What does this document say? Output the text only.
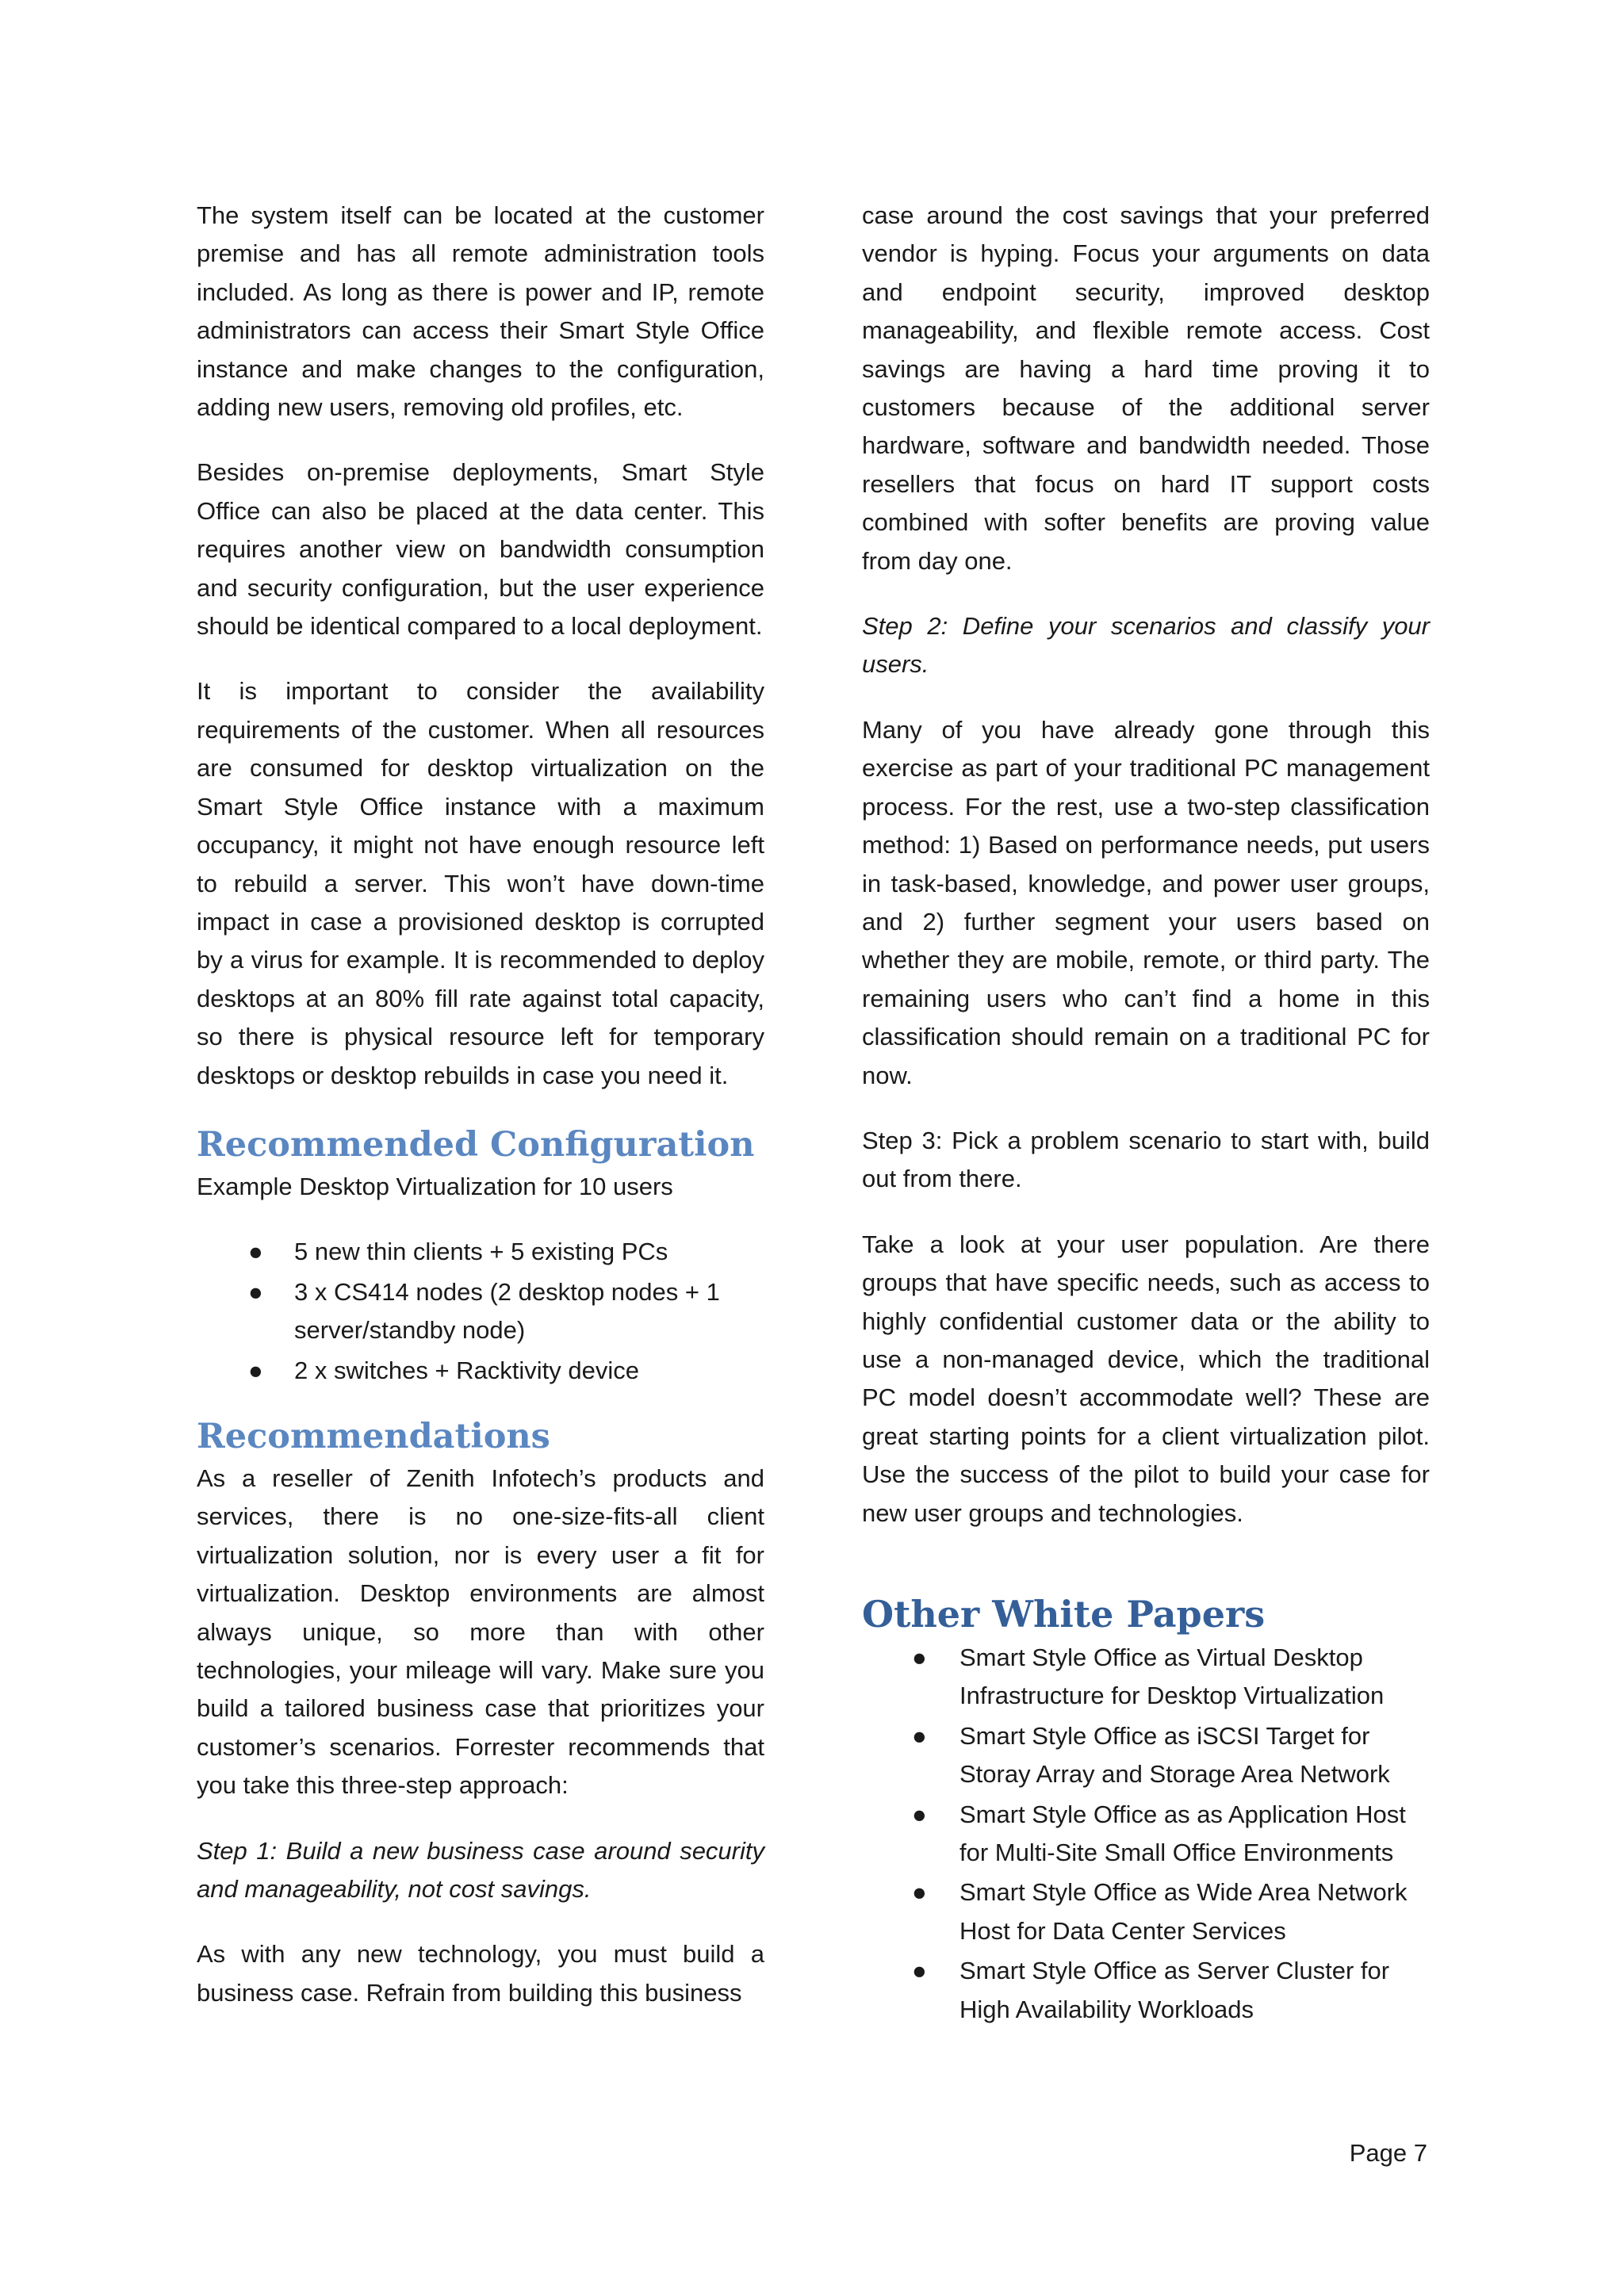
The system itself can be located at the customer premise and has all remote administration tools included. As long as there is power and IP, remote administrators can access their Smart Style Office instance and make changes to the configuration, adding new users, removing old profiles, etc.

Besides on-premise deployments, Smart Style Office can also be placed at the data center. This requires another view on bandwidth consumption and security configuration, but the user experience should be identical compared to a local deployment.

It is important to consider the availability requirements of the customer. When all resources are consumed for desktop virtualization on the Smart Style Office instance with a maximum occupancy, it might not have enough resource left to rebuild a server. This won’t have down-time impact in case a provisioned desktop is corrupted by a virus for example. It is recommended to deploy desktops at an 80% fill rate against total capacity, so there is physical resource left for temporary desktops or desktop rebuilds in case you need it.

Recommended Configuration
Example Desktop Virtualization for 10 users
● 5 new thin clients + 5 existing PCs
● 3 x CS414 nodes (2 desktop nodes + 1 server/standby node)
● 2 x switches + Racktivity device
Recommendations

As a reseller of Zenith Infotech’s products and services, there is no one-size-fits-all client virtualization solution, nor is every user a fit for virtualization. Desktop environments are almost always unique, so more than with other technologies, your mileage will vary. Make sure you build a tailored business case that prioritizes your customer’s scenarios. Forrester recommends that you take this three-step approach:

Step 1: Build a new business case around security and manageability, not cost savings.

As with any new technology, you must build a business case. Refrain from building this business

case around the cost savings that your preferred vendor is hyping. Focus your arguments on data and endpoint security, improved desktop manageability, and flexible remote access. Cost savings are having a hard time proving it to customers because of the additional server hardware, software and bandwidth needed. Those resellers that focus on hard IT support costs combined with softer benefits are proving value from day one.

Step 2: Define your scenarios and classify your users.

Many of you have already gone through this exercise as part of your traditional PC management process. For the rest, use a two-step classification method: 1) Based on performance needs, put users in task-based, knowledge, and power user groups, and 2) further segment your users based on whether they are mobile, remote, or third party. The remaining users who can’t find a home in this classification should remain on a traditional PC for now.

Step 3: Pick a problem scenario to start with, build out from there.

Take a look at your user population. Are there groups that have specific needs, such as access to highly confidential customer data or the ability to use a non-managed device, which the traditional PC model doesn’t accommodate well? These are great starting points for a client virtualization pilot. Use the success of the pilot to build your case for new user groups and technologies.

Other White Papers
● Smart Style Office as Virtual Desktop Infrastructure for Desktop Virtualization
● Smart Style Office as iSCSI Target for Storay Array and Storage Area Network
● Smart Style Office as as Application Host for Multi-Site Small Office Environments
● Smart Style Office as Wide Area Network Host for Data Center Services
● Smart Style Office as Server Cluster for High Availability Workloads
Page 7
